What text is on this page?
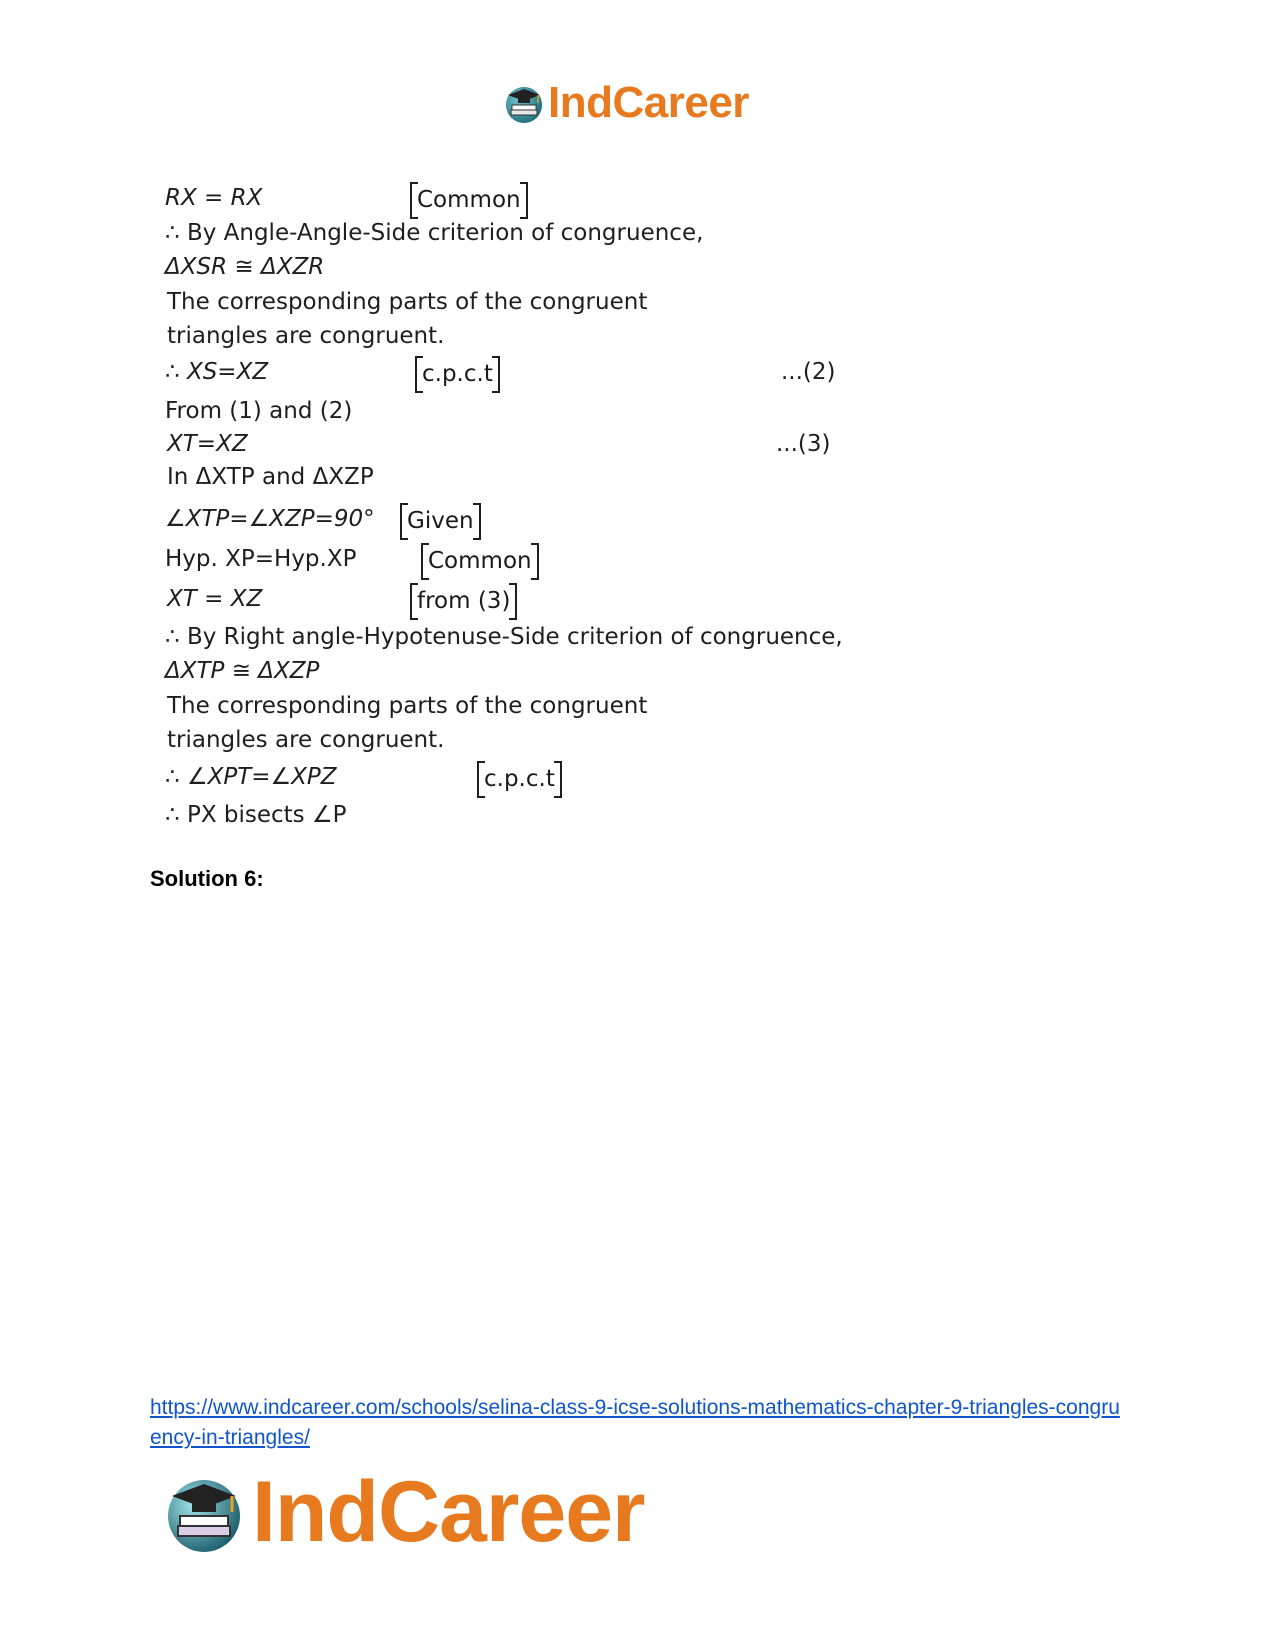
IndCareer
RX = RX	Common
∴ By Angle-Angle-Side criterion of congruence,
ΔXSR ≅ ΔXZR
The corresponding parts of the congruent
triangles are congruent.
∴ XS=XZ	c.p.c.t	...(2)
From (1) and (2)
XT=XZ	...(3)
In ΔXTP and ΔXZP
∠XTP=∠XZP=90° Given
Hyp. XP=Hyp.XP	Common
XT = XZ	from (3)
∴ By Right angle-Hypotenuse-Side criterion of congruence,
ΔXTP ≅ ΔXZP
The corresponding parts of the congruent
triangles are congruent.
∴ ∠XPT=∠XPZ	c.p.c.t
∴ PX bisects ∠P
Solution 6:
https://www.indcareer.com/schools/selina-class-9-icse-solutions-mathematics-chapter-9-triangles-congruency-in-triangles/
IndCareer
